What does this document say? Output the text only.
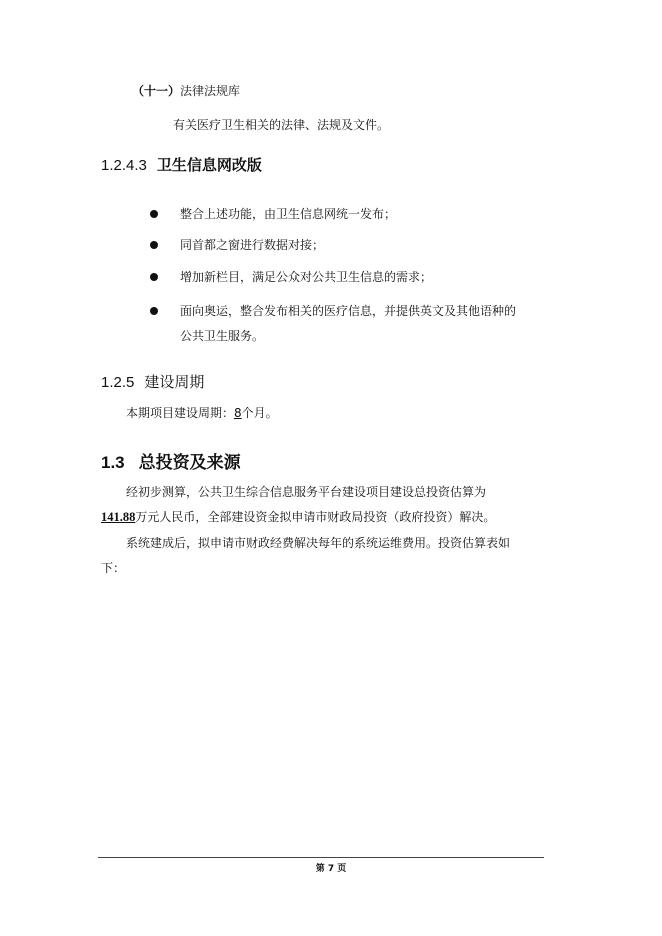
（十一）法律法规库
有关医疗卫生相关的法律、法规及文件。
1.2.4.3 卫生信息网改版
整合上述功能，由卫生信息网统一发布；
同首都之窗进行数据对接；
增加新栏目，满足公众对公共卫生信息的需求；
面向奥运，整合发布相关的医疗信息，并提供英文及其他语种的
公共卫生服务。
1.2.5 建设周期
本期项目建设周期：8个月。
1.3 总投资及来源
经初步测算，公共卫生综合信息服务平台建设项目建设总投资估算为
141.88万元人民币，全部建设资金拟申请市财政局投资（政府投资）解决。
系统建成后，拟申请市财政经费解决每年的系统运维费用。投资估算表如
下：
第 7 页
